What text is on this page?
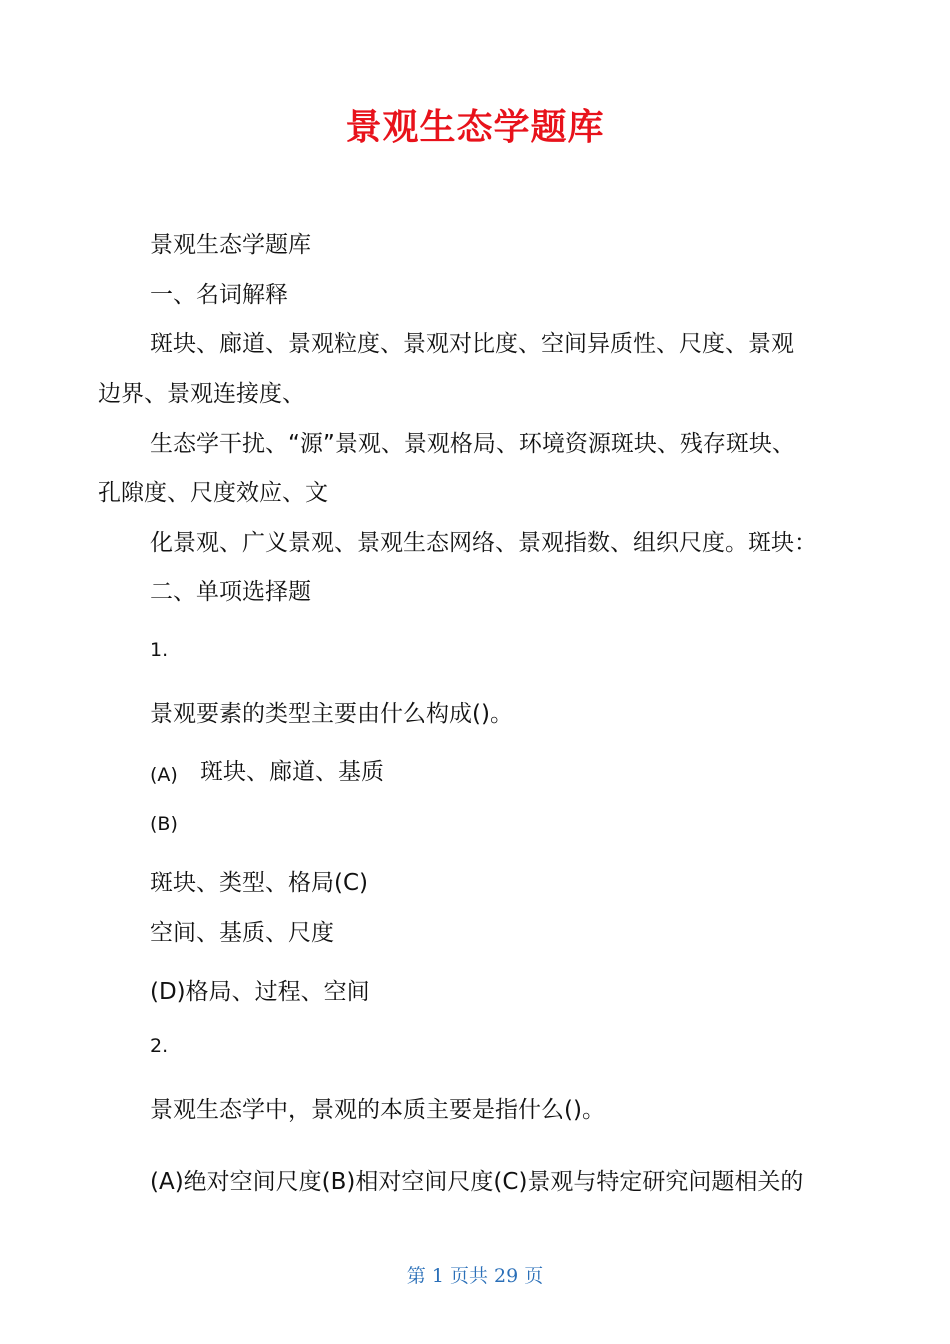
景观生态学题库
景观生态学题库
一、名词解释
斑块、廊道、景观粒度、景观对比度、空间异质性、尺度、景观
边界、景观连接度、
生态学干扰、“源”景观、景观格局、环境资源斑块、残存斑块、
孔隙度、尺度效应、文
化景观、广义景观、景观生态网络、景观指数、组织尺度。斑块：
二、单项选择题
1.
景观要素的类型主要由什么构成()。
(A) 斑块、廊道、基质
(B)
斑块、类型、格局(C)
空间、基质、尺度
(D)格局、过程、空间
2.
景观生态学中，景观的本质主要是指什么()。
(A)绝对空间尺度(B)相对空间尺度(C)景观与特定研究问题相关的
第 1 页共 29 页
